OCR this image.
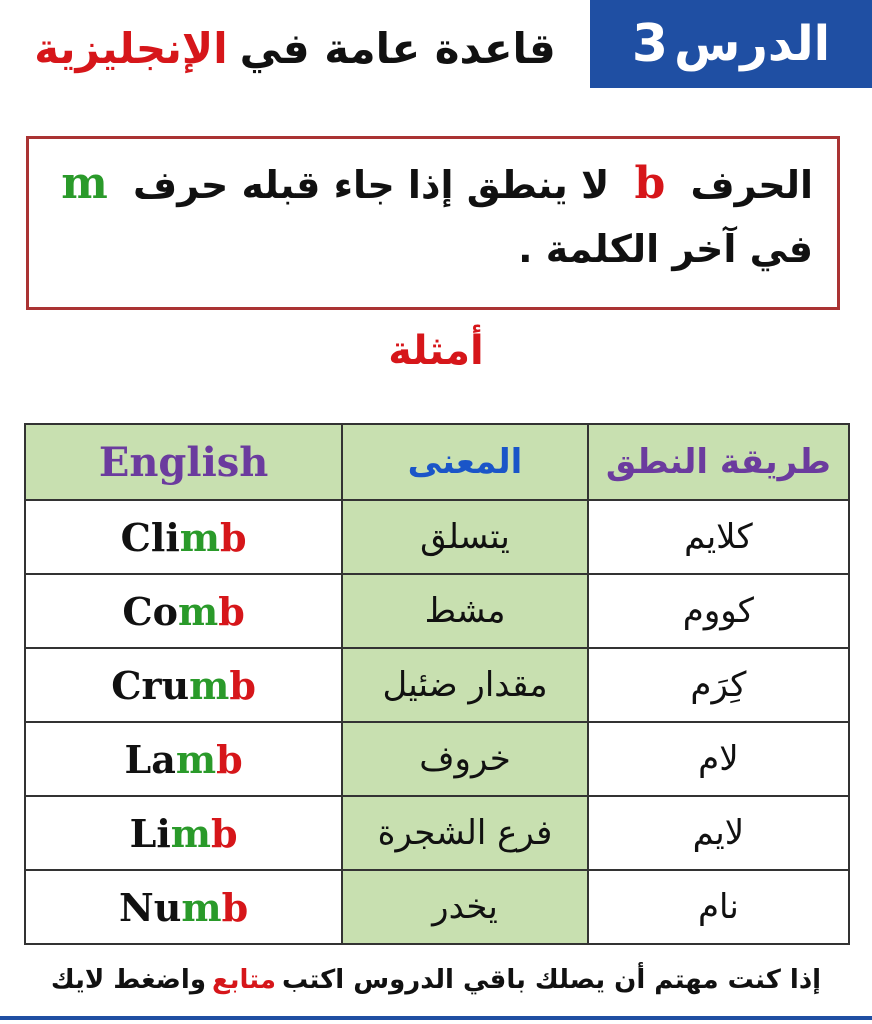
الدرس
3
قاعدة عامة في
الإنجليزية
الحرف b لا ينطق إذا جاء قبله حرف m
في آخر الكلمة .
أمثلة
English	المعنى	طريقة النطق
Climb	يتسلق	كلايم
Comb	مشط	كووم
Crumb	مقدار ضئيل	كِرَم
Lamb	خروف	لام
Limb	فرع الشجرة	لايم
Numb	يخدر	نام
إذا كنت مهتم أن يصلك باقي الدروس اكتب
متابع
واضغط لايك
